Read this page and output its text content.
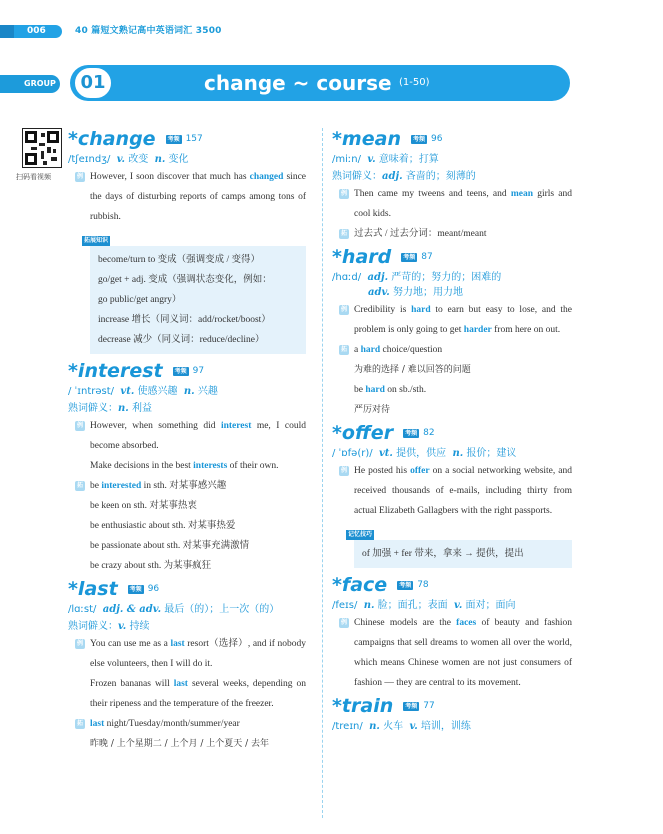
006	40 篇短文熟记高中英语词汇 3500
GROUP	01	change ~ course (1-50)
扫码看视频
*change	考频 157
/tʃeɪndʒ/ v. 改变 n. 变化
例 However, I soon discover that much has changed since the days of disturbing reports of camps among tons of rubbish.
拓展知识
become/turn to 变成（强调变成 / 变得）
go/get + adj. 变成（强调状态变化，例如：
go public/get angry）
increase 增长（同义词：add/rocket/boost）
decrease 减少（同义词：reduce/decline）
*interest	考频 97
/ ˈɪntrəst/ vt. 使感兴趣 n. 兴趣
熟词僻义：n. 利益
例 However, when something did interest me, I could become absorbed.
Make decisions in the best interests of their own.
拓 be interested in sth. 对某事感兴趣
be keen on sth. 对某事热衷
be enthusiastic about sth. 对某事热爱
be passionate about sth. 对某事充满激情
be crazy about sth. 为某事疯狂
*last	考频 96
/lɑːst/ adj. & adv. 最后（的）；上一次（的）
熟词僻义：v. 持续
例 You can use me as a last resort（选择）, and if nobody else volunteers, then I will do it.
Frozen bananas will last several weeks, depending on their ripeness and the temperature of the freezer.
拓 last night/Tuesday/month/summer/year
昨晚 / 上个星期二 / 上个月 / 上个夏天 / 去年
*mean	考频 96
/miːn/ v. 意味着；打算
熟词僻义：adj. 吝啬的；刻薄的
例 Then came my tweens and teens, and mean girls and cool kids.
拓 过去式 / 过去分词：meant/meant
*hard	考频 87
/hɑːd/ adj. 严苛的；努力的；困难的
adv. 努力地；用力地
例 Credibility is hard to earn but easy to lose, and the problem is only going to get harder from here on out.
拓 a hard choice/question
为难的选择 / 难以回答的问题
be hard on sb./sth.
严厉对待
*offer	考频 82
/ ˈɒfə(r)/ vt. 提供，供应 n. 报价；建议
例 He posted his offer on a social networking website, and received thousands of e-mails, including thirty from actual Elizabeth Gallagbers with the right passports.
记忆技巧
of 加强 + fer 带来，拿来 → 提供，提出
*face	考频 78
/feɪs/ n. 脸；面孔；表面 v. 面对；面向
例 Chinese models are the faces of beauty and fashion campaigns that sell dreams to women all over the world, which means Chinese women are not just consumers of fashion — they are central to its movement.
*train	考频 77
/treɪn/ n. 火车 v. 培训，训练
